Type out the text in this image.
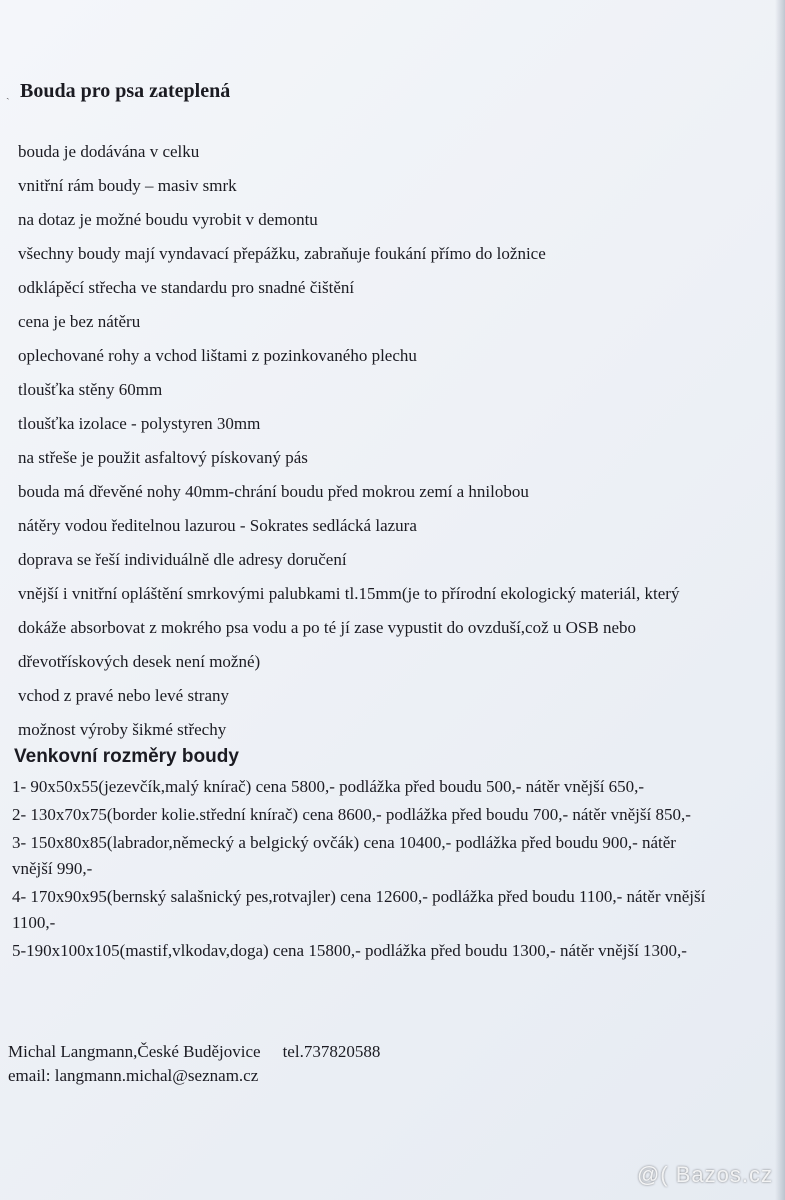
ˏ Bouda pro psa zateplená
bouda je dodávána v celku
vnitřní rám boudy – masiv smrk
na dotaz je možné boudu vyrobit v demontu
všechny boudy mají vyndavací přepážku, zabraňuje foukání přímo do ložnice
odklápěcí střecha ve standardu pro snadné čištění
cena je bez nátěru
oplechované rohy a vchod lištami z pozinkovaného plechu
tloušťka stěny 60mm
tloušťka izolace - polystyren 30mm
na střeše je použit asfaltový pískovaný pás
bouda má dřevěné nohy 40mm-chrání boudu před mokrou zemí a hnilobou
nátěry vodou ředitelnou lazurou - Sokrates sedlácká lazura
doprava se řeší individuálně dle adresy doručení
vnější i vnitřní opláštění smrkovými palubkami tl.15mm(je to přírodní ekologický materiál, který dokáže absorbovat z mokrého psa vodu a po té jí zase vypustit do ovzduší,což u OSB nebo dřevotřískových desek není možné)
vchod z pravé nebo levé strany
možnost výroby šikmé střechy
Venkovní rozměry boudy
1- 90x50x55(jezevčík,malý knírač) cena 5800,- podlážka před boudu 500,- nátěr vnější 650,-
2- 130x70x75(border kolie.střední knírač) cena 8600,- podlážka před boudu 700,- nátěr vnější 850,-
3- 150x80x85(labrador,německý a belgický ovčák) cena 10400,- podlážka před boudu 900,- nátěr vnější 990,-
4- 170x90x95(bernský salašnický pes,rotvajler) cena 12600,- podlážka před boudu 1100,- nátěr vnější 1100,-
5-190x100x105(mastif,vlkodav,doga) cena 15800,- podlážka před boudu 1300,- nátěr vnější 1300,-
Michal Langmann,České Budějovice tel.737820588
email: langmann.michal@seznam.cz
@( Bazos.cz
